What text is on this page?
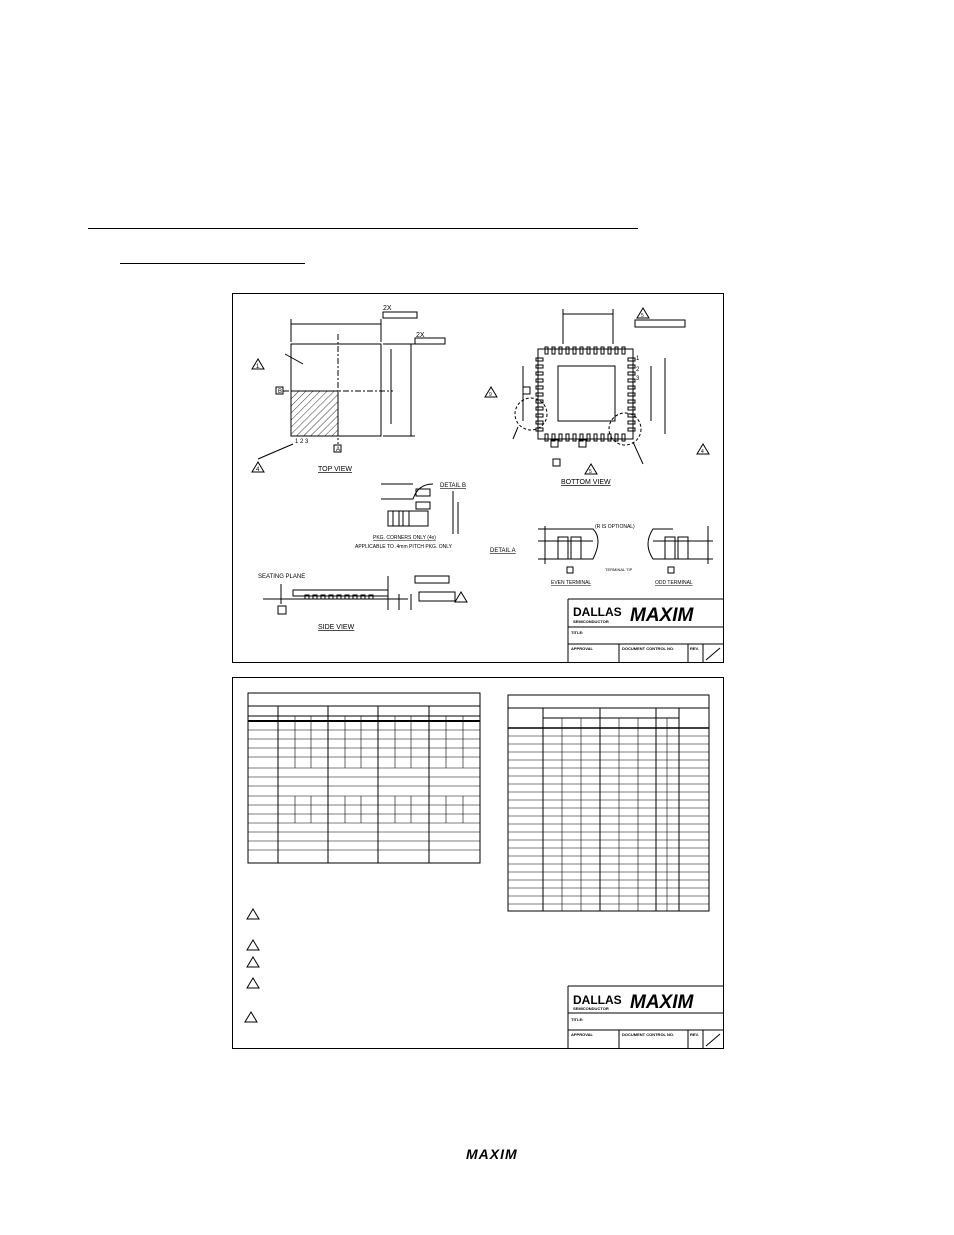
2X
2X
1
4
B
A
1 2 3
TOP VIEW
1
2
3
5
5
9
4
BOTTOM VIEW
DETAIL B
PKG. CORNERS ONLY (4x)
APPLICABLE TO .4mm PITCH PKG. ONLY
DETAIL A
(R IS OPTIONAL)
TERMINAL TIP
EVEN TERMINAL	ODD TERMINAL
SEATING PLANE
SIDE VIEW
DALLAS
SEMICONDUCTOR MAXIM
TITLE:
APPROVAL	DOCUMENT CONTROL NO.	REV.
DALLAS
SEMICONDUCTOR MAXIM
TITLE:
APPROVAL	DOCUMENT CONTROL NO.	REV.
MAXIM
